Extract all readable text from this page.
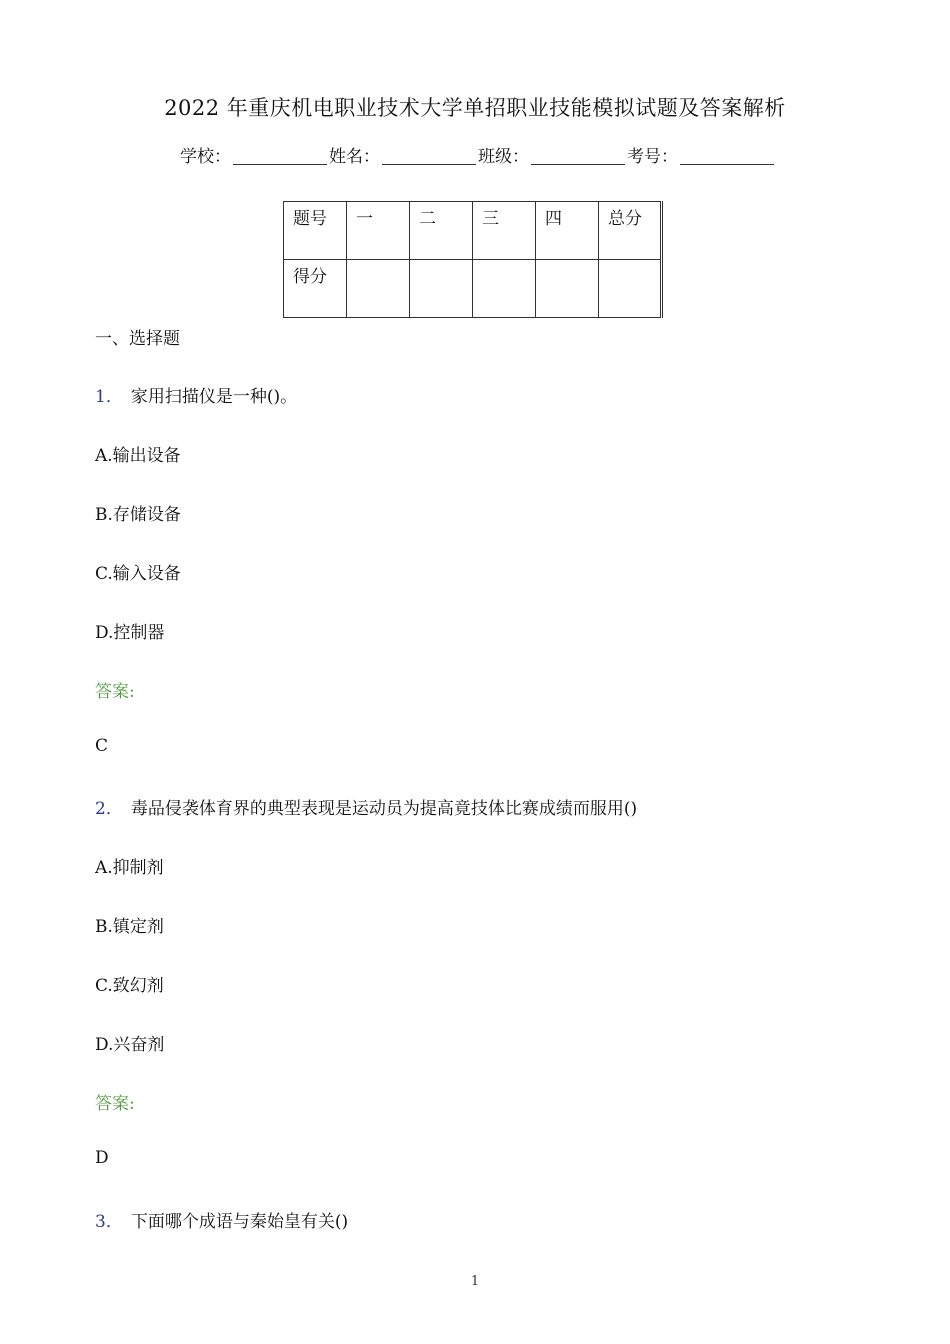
2022 年重庆机电职业技术大学单招职业技能模拟试题及答案解析
学校：	姓名：	班级：	考号：
题号	一	二	三	四	总分
得分					
一、选择题
1． 家用扫描仪是一种()。
A.输出设备
B.存储设备
C.输入设备
D.控制器
答案:
C
2． 毒品侵袭体育界的典型表现是运动员为提高竟技体比赛成绩而服用()
A.抑制剂
B.镇定剂
C.致幻剂
D.兴奋剂
答案:
D
3． 下面哪个成语与秦始皇有关()
1
